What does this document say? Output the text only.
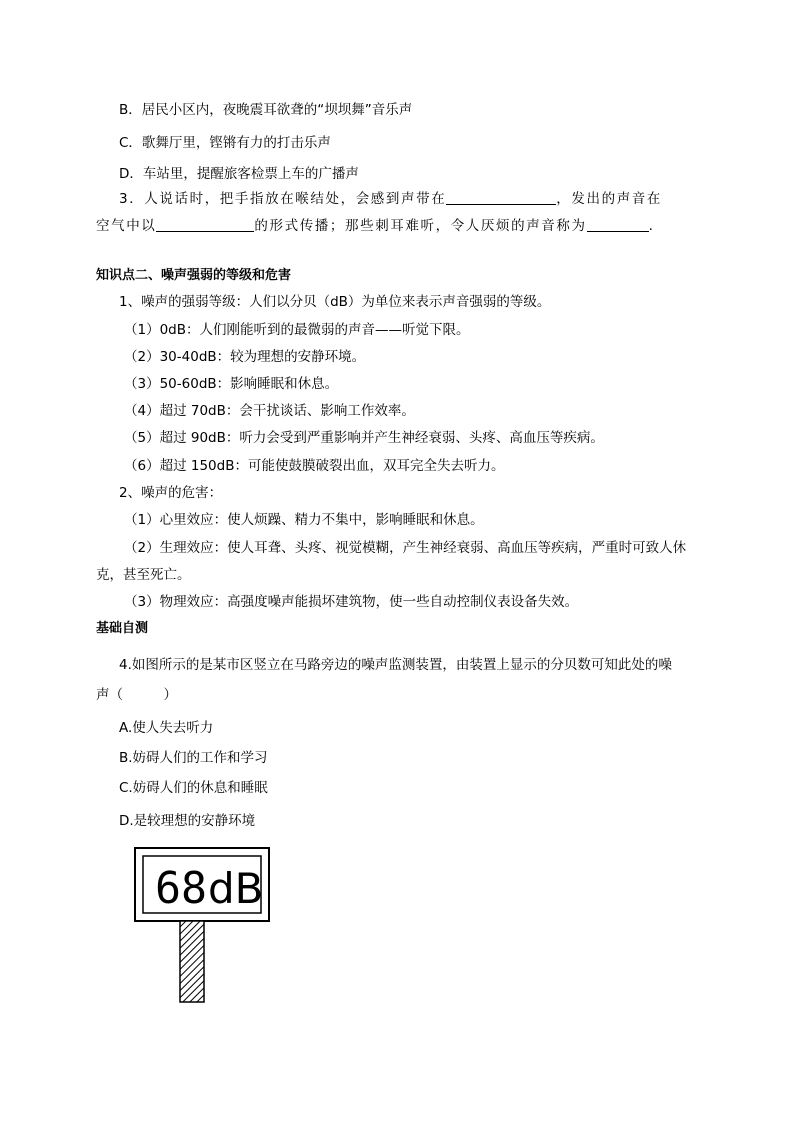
B．居民小区内，夜晚震耳欲聋的“坝坝舞”音乐声
C．歌舞厅里，铿锵有力的打击乐声
D．车站里，提醒旅客检票上车的广播声
3．人说话时，把手指放在喉结处，会感到声带在	，发出的声音在
空气中以	的形式传播；那些刺耳难听，令人厌烦的声音称为	.
知识点二、噪声强弱的等级和危害
1、噪声的强弱等级：人们以分贝（dB）为单位来表示声音强弱的等级。
（1）0dB：人们刚能听到的最微弱的声音——听觉下限。
（2）30-40dB：较为理想的安静环境。
（3）50-60dB：影响睡眠和休息。
（4）超过 70dB：会干扰谈话、影响工作效率。
（5）超过 90dB：听力会受到严重影响并产生神经衰弱、头疼、高血压等疾病。
（6）超过 150dB：可能使鼓膜破裂出血，双耳完全失去听力。
2、噪声的危害：
（1）心里效应：使人烦躁、精力不集中，影响睡眠和休息。
（2）生理效应：使人耳聋、头疼、视觉模糊，产生神经衰弱、高血压等疾病，严重时可致人休
克，甚至死亡。
（3）物理效应：高强度噪声能损坏建筑物，使一些自动控制仪表设备失效。
基础自测
4.如图所示的是某市区竖立在马路旁边的噪声监测装置，由装置上显示的分贝数可知此处的噪
声（　　　）
A.使人失去听力
B.妨碍人们的工作和学习
C.妨碍人们的休息和睡眠
D.是较理想的安静环境
68 dB
